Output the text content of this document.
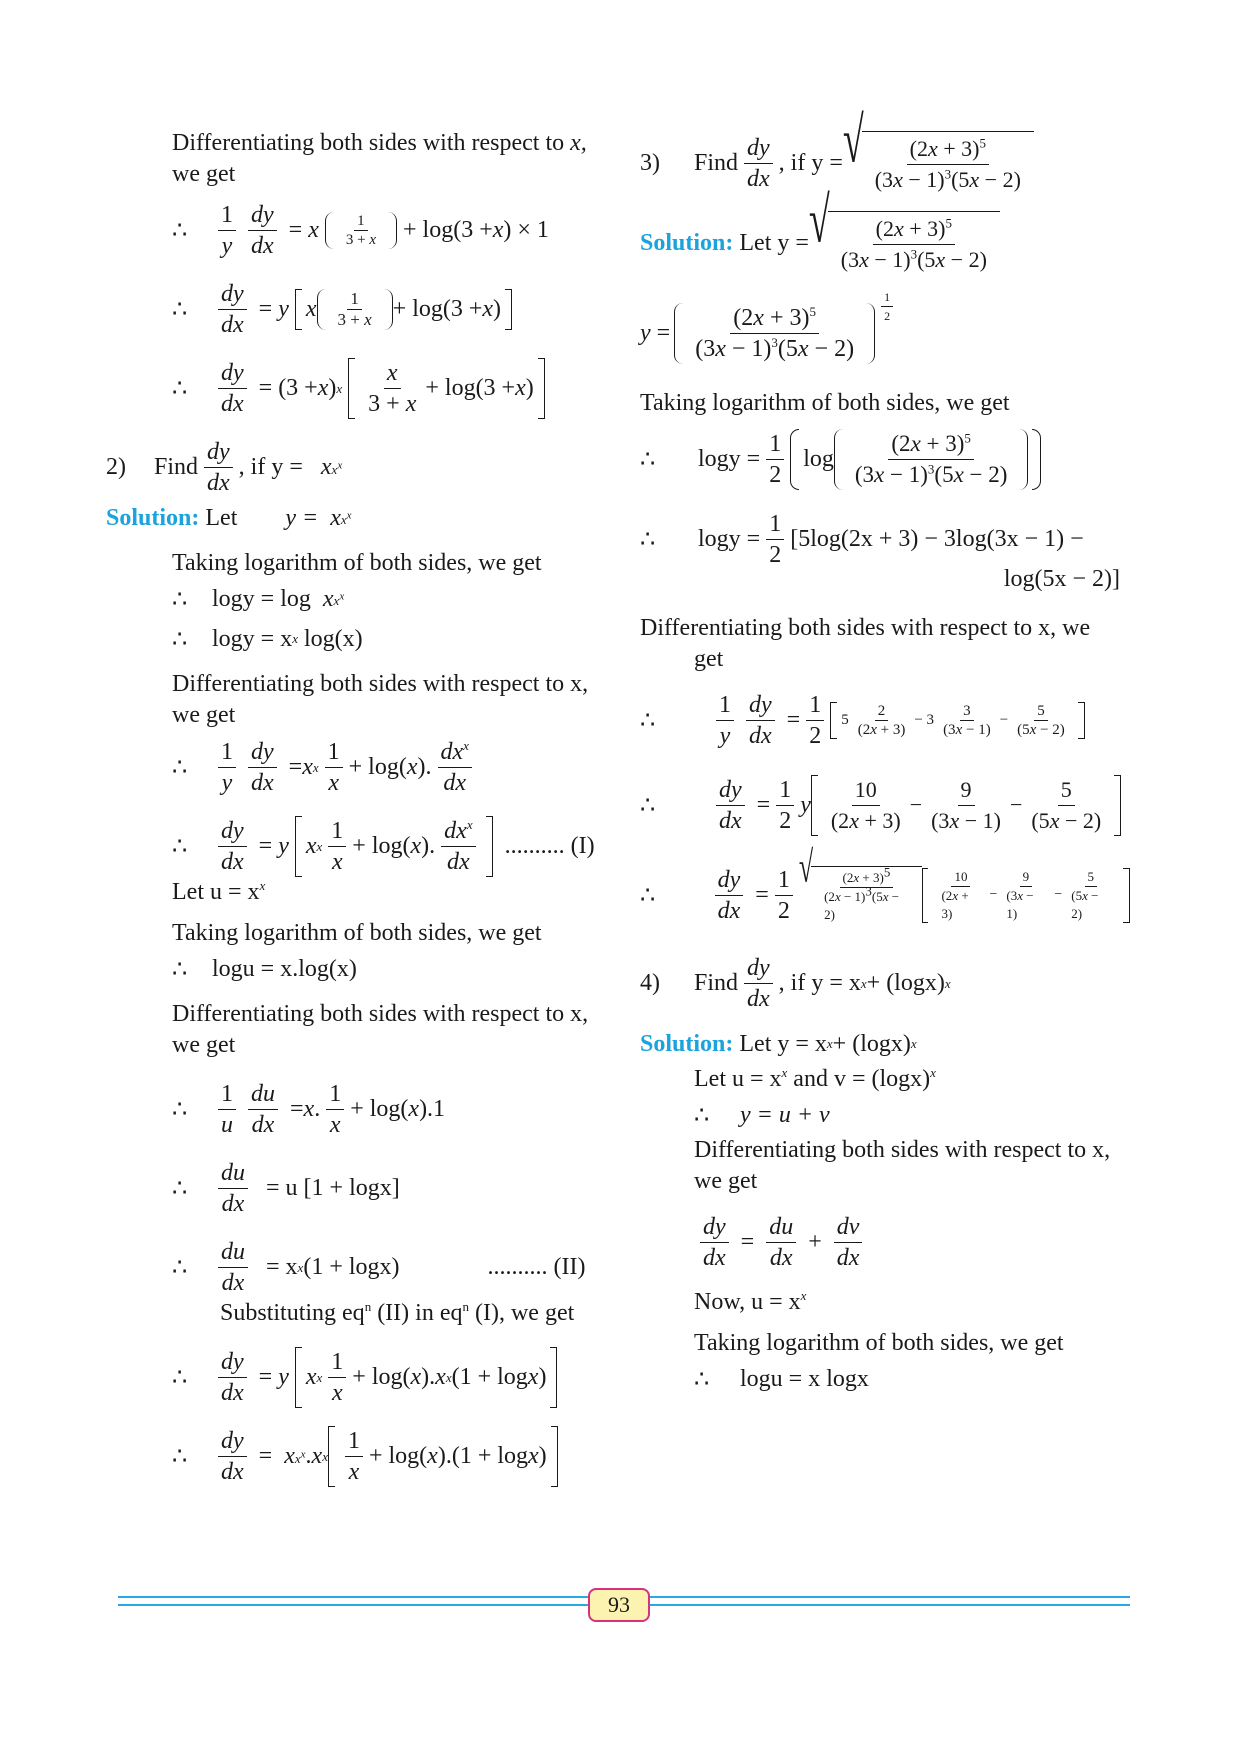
Differentiating both sides with respect to x,
we get

∴	$\frac{1}{y} \frac{dy}{dx} = x \frac{1}{3 + x} + \log(3 + x$ ) × 1
∴	$\frac{dy}{dx} = y$ x $\frac{1}{3 + x} + \log(3 + x$ )
∴	$\frac{dy}{dx} = (3 + x$ ) x
$\frac{x}{3 + x} + \log(3 + x$ )
2)	Find $\frac{dy}{dx}$ , if y =
x $x^x$
Solution:
Let
y =
x $x^x$

Taking logarithm of both sides, we get

∴	logy = log
x $x^x$
∴	logy = x x
log(x)

Differentiating both sides with respect to x,
we get

∴	$\frac{1}{y} \frac{dy}{dx} = x$ x $\frac{1}{x} + \log$( x ). $\frac{dx^x}{dx}$
∴	$\frac{dy}{dx} = y$ x x $\frac{1}{x} + \log$( x ). $\frac{dx^x}{dx}$
.......... (I)

Let $u = x^x$

Taking logarithm of both sides, we get

∴	logu = x.log(x)

Differentiating both sides with respect to x,
we get

∴	$\frac{1}{u} \frac{du}{dx} = x$ . $\frac{1}{x} + \log$( x ).1
∴	$\frac{du}{dx}$
= u [1 + logx]
∴	$\frac{du}{dx}$
= x x (1 + logx)	.......... (II)

Substituting $eq^n$ (II) in $eq^n$ (I), we get

∴	$\frac{dy}{dx} = y$ x x $\frac{1}{x} + \log$( x ). x x (1 + log x )
∴	$\frac{dy}{dx} = x$ $x^x$ . x x $\frac{1}{x} + \log$( x ).(1 + log x )
3)	Find $\frac{dy}{dx}$ , if y = √ $\frac{(2x + 3)^5}{(3x - 1)^3(5x - 2)}$
Solution:
Let y = √ $\frac{(2x + 3)^5}{(3x - 1)^3(5x - 2)}$
$y = \frac{(2x + 3)^5}{(3x - 1)^3(5x - 2)} \frac{1}{2}$

Taking logarithm of both sides, we get

∴
	$\log y = \frac{1}{2}$ $\log \frac{(2x + 3)^5}{(3x - 1)^3(5x - 2)}$
∴
	$\log y = \frac{1}{2} [5\log(2x + 3) - 3\log(3x - 1)$ −

log(5x − 2)]

Differentiating both sides with respect to x, we
get

∴
	$\frac{1}{y} \frac{dy}{dx} = \frac{1}{2}$	$5 \frac{2}{(2x + 3)} - 3 \frac{3}{(3x - 1)} - \frac{5}{(5x - 2)}$
∴
	$\frac{dy}{dx} = \frac{1}{2}$ y $\frac{10}{(2x + 3)} - \frac{9}{(3x - 1)} - \frac{5}{(5x - 2)}$
∴
	$\frac{dy}{dx} = \frac{1}{2}$ √
$\frac{(2x + 3)^5}{(2x - 1)^3(5x - 2)} \frac{10}{(2x + 3)} - \frac{9}{(3x - 1)} - \frac{5}{(5x - 2)}$
4)	Find $\frac{dy}{dx}$ , if y = x x + (logx) x
Solution:
Let y = x x + (logx) x

Let $u = x^x$ and $v = (\log x)^x$

∴
	y = u + v

Differentiating both sides with respect to x,
we get

$\frac{dy}{dx} = \frac{du}{dx} + \frac{dv}{dx}$

Now, $u = x^x$

Taking logarithm of both sides, we get

∴
	logu = x logx
93
